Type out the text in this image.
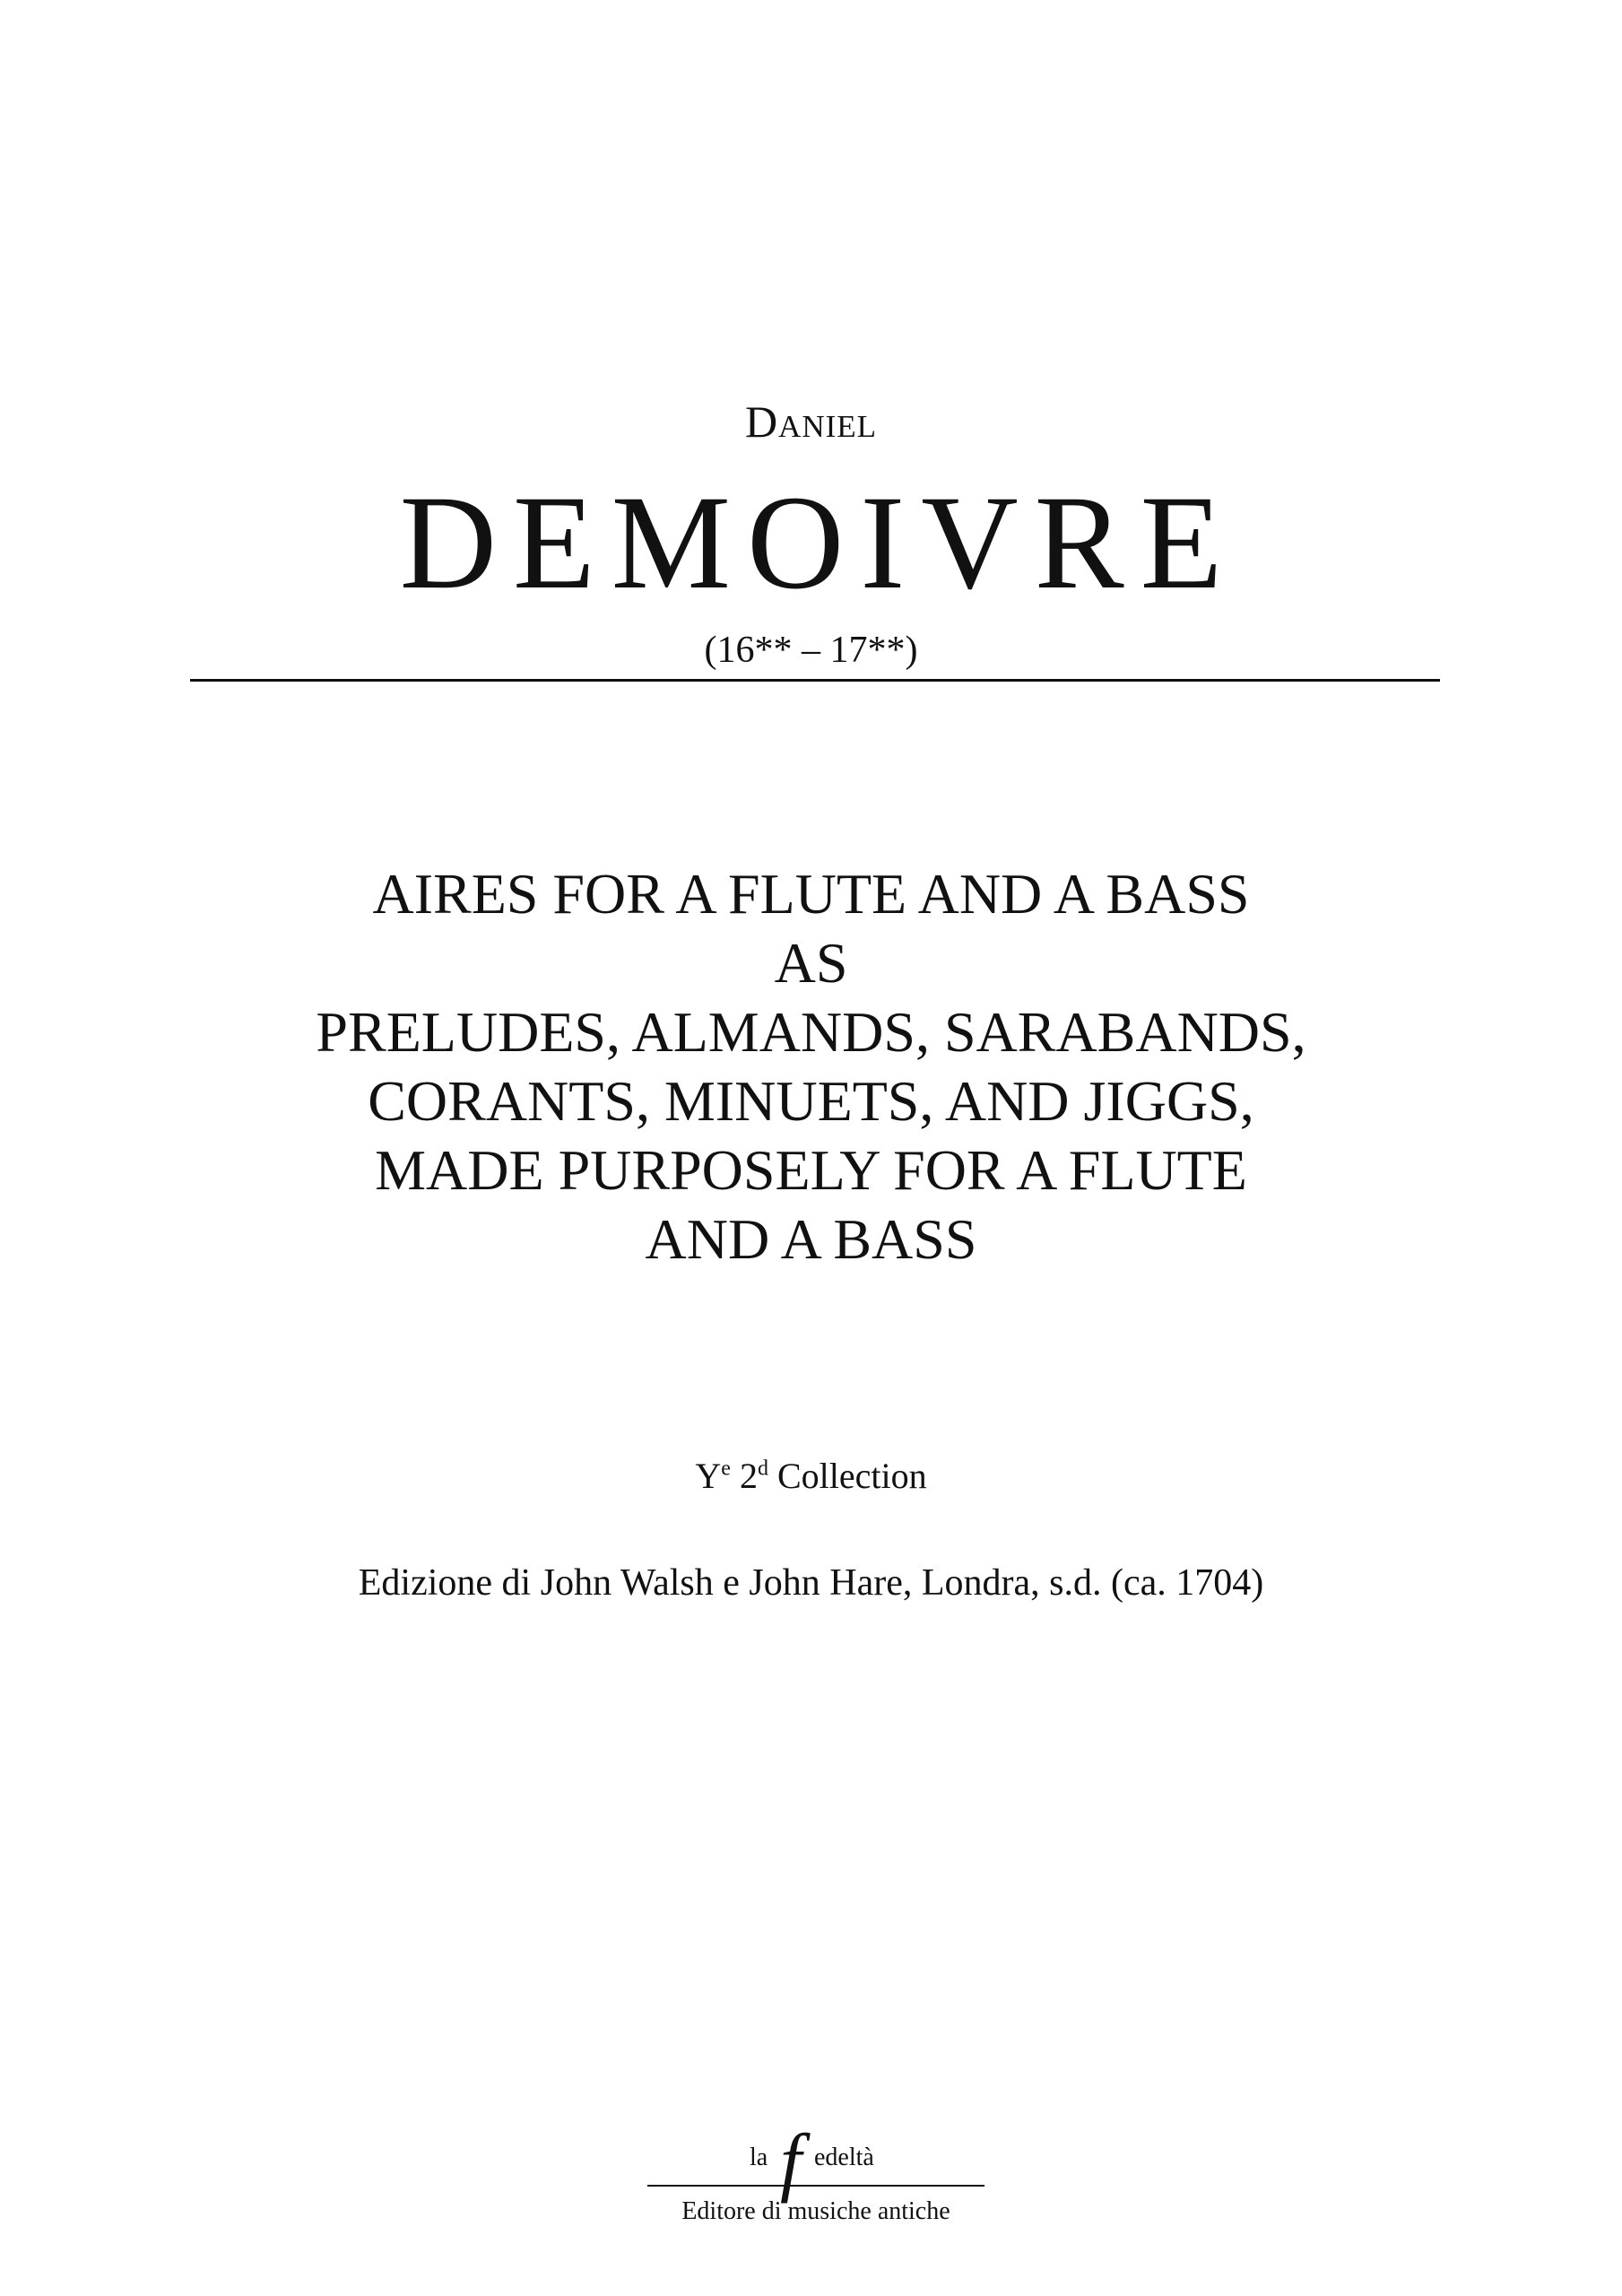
Daniel
DEMOIVRE
(16** – 17**)
AIRES FOR A FLUTE AND A BASS
AS
PRELUDES, ALMANDS, SARABANDS,
CORANTS, MINUETS, AND JIGGS,
MADE PURPOSELY FOR A FLUTE
AND A BASS
$Y^e$ 2$^d$ Collection
Edizione di John Walsh e John Hare, Londra, s.d. (ca. 1704)
la f edeltà
Editore di musiche antiche
